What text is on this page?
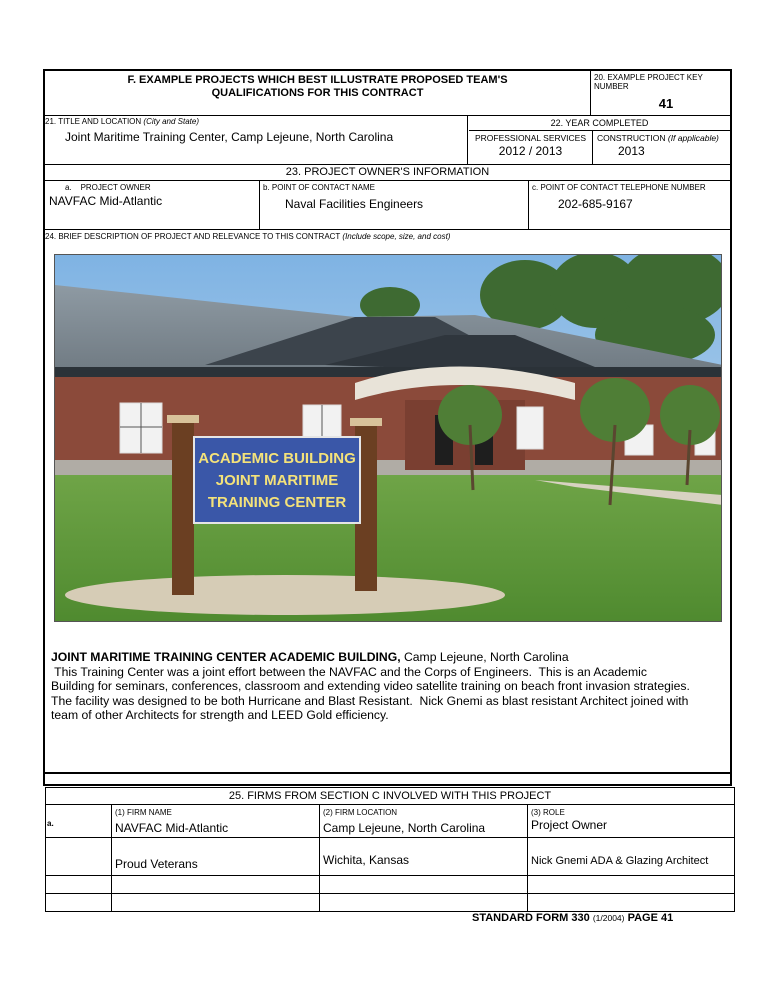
F. EXAMPLE PROJECTS WHICH BEST ILLUSTRATE PROPOSED TEAM'S
QUALIFICATIONS FOR THIS CONTRACT
20. EXAMPLE PROJECT KEY NUMBER
41
21. TITLE AND LOCATION (City and State)
Joint Maritime Training Center, Camp Lejeune, North Carolina
22. YEAR COMPLETED
PROFESSIONAL SERVICES
2012 / 2013
CONSTRUCTION (If applicable)
2013
23. PROJECT OWNER'S INFORMATION
a.    PROJECT OWNER
NAVFAC Mid-Atlantic
b. POINT OF CONTACT NAME
Naval Facilities Engineers
c. POINT OF CONTACT TELEPHONE NUMBER
202-685-9167
24. BRIEF DESCRIPTION OF PROJECT AND RELEVANCE TO THIS CONTRACT (Include scope, size, and cost)
ACADEMIC BUILDING
JOINT MARITIME
TRAINING CENTER
JOINT MARITIME TRAINING CENTER ACADEMIC BUILDING, Camp Lejeune, North Carolina
This Training Center was a joint effort between the NAVFAC and the Corps of Engineers.  This is an Academic
Building for seminars, conferences, classroom and extending video satellite training on beach front invasion strategies.
The facility was designed to be both Hurricane and Blast Resistant.  Nick Gnemi as blast resistant Architect joined with
team of other Architects for strength and LEED Gold efficiency.
25. FIRMS FROM SECTION C INVOLVED WITH THIS PROJECT
a.
(1) FIRM NAME	(2) FIRM LOCATION	(3) ROLE
NAVFAC Mid-Atlantic	Camp Lejeune, North Carolina	Project Owner
Proud Veterans	Wichita, Kansas	Nick Gnemi ADA & Glazing Architect
STANDARD FORM 330 (1/2004) PAGE 41
